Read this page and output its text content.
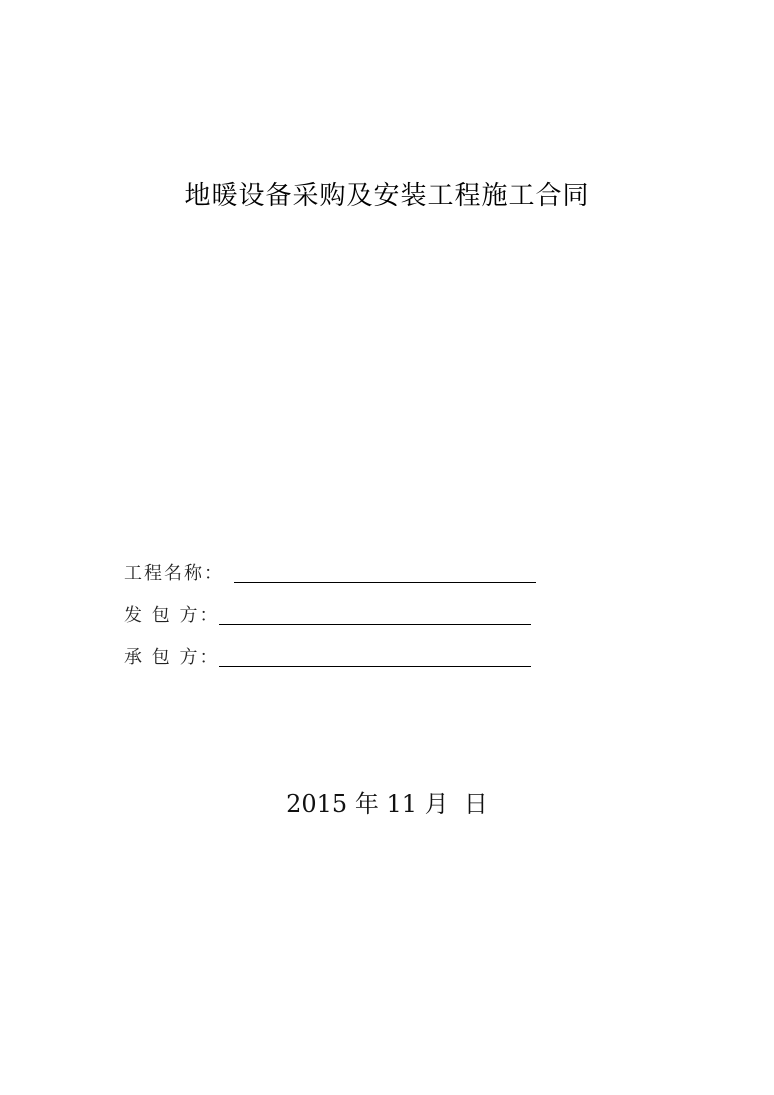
地暖设备采购及安装工程施工合同
工程名称：
发 包 方：
承 包 方：
2015 年 11 月 日
